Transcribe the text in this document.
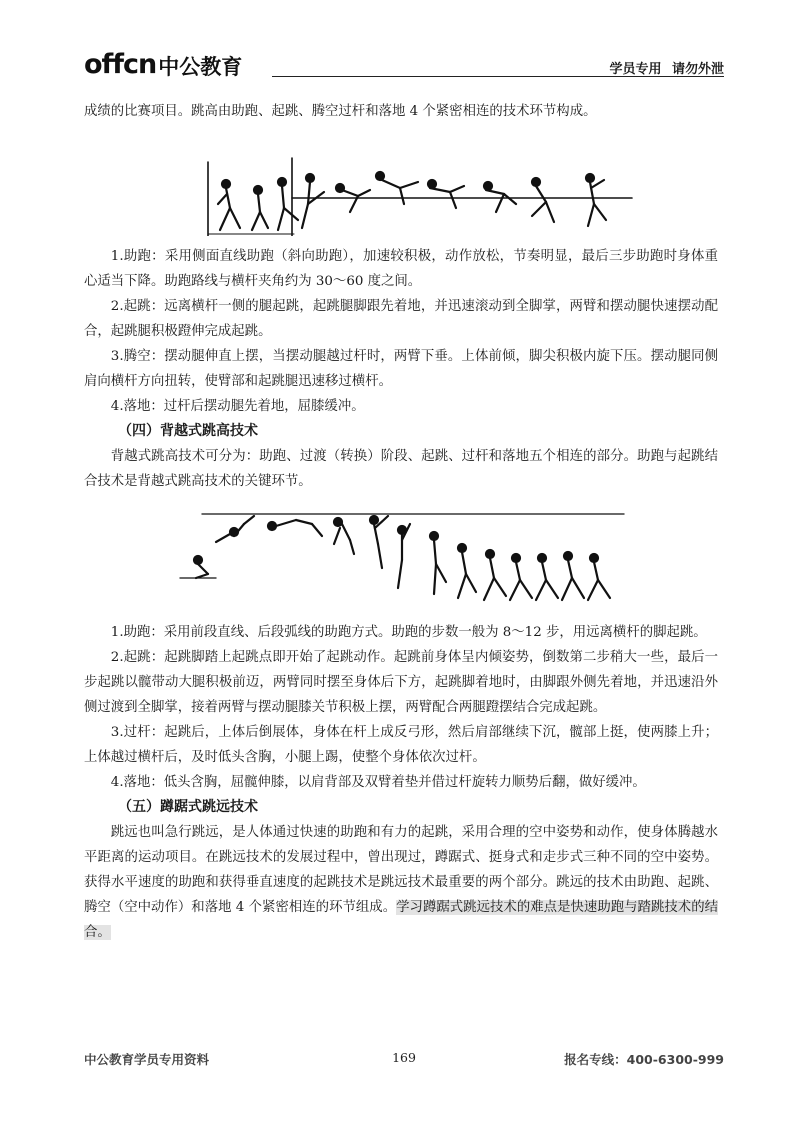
offcn 中公教育	学员专用 请勿外泄

成绩的比赛项目。跳高由助跑、起跳、腾空过杆和落地 4 个紧密相连的技术环节构成。

1.助跑：采用侧面直线助跑（斜向助跑），加速较积极，动作放松，节奏明显，最后三步助跑时身体重心适当下降。助跑路线与横杆夹角约为 30～60 度之间。

2.起跳：远离横杆一侧的腿起跳，起跳腿脚跟先着地，并迅速滚动到全脚掌，两臂和摆动腿快速摆动配合，起跳腿积极蹬伸完成起跳。

3.腾空：摆动腿伸直上摆，当摆动腿越过杆时，两臂下垂。上体前倾，脚尖积极内旋下压。摆动腿同侧肩向横杆方向扭转，使臂部和起跳腿迅速移过横杆。

4.落地：过杆后摆动腿先着地，屈膝缓冲。

（四）背越式跳高技术

背越式跳高技术可分为：助跑、过渡（转换）阶段、起跳、过杆和落地五个相连的部分。助跑与起跳结合技术是背越式跳高技术的关键环节。

1.助跑：采用前段直线、后段弧线的助跑方式。助跑的步数一般为 8～12 步，用远离横杆的脚起跳。

2.起跳：起跳脚踏上起跳点即开始了起跳动作。起跳前身体呈内倾姿势，倒数第二步稍大一些，最后一步起跳以髋带动大腿积极前迈，两臂同时摆至身体后下方，起跳脚着地时，由脚跟外侧先着地，并迅速沿外侧过渡到全脚掌，接着两臂与摆动腿膝关节积极上摆，两臂配合两腿蹬摆结合完成起跳。

3.过杆：起跳后，上体后倒展体，身体在杆上成反弓形，然后肩部继续下沉，髋部上挺，使两膝上升；上体越过横杆后，及时低头含胸，小腿上踢，使整个身体依次过杆。

4.落地：低头含胸，屈髋伸膝，以肩背部及双臂着垫并借过杆旋转力顺势后翻，做好缓冲。

（五）蹲踞式跳远技术

跳远也叫急行跳远，是人体通过快速的助跑和有力的起跳，采用合理的空中姿势和动作，使身体腾越水平距离的运动项目。在跳远技术的发展过程中，曾出现过，蹲踞式、挺身式和走步式三种不同的空中姿势。获得水平速度的助跑和获得垂直速度的起跳技术是跳远技术最重要的两个部分。跳远的技术由助跑、起跳、腾空（空中动作）和落地 4 个紧密相连的环节组成。学习蹲踞式跳远技术的难点是快速助跑与踏跳技术的结合。

中公教育学员专用资料	169	报名专线：400-6300-999
